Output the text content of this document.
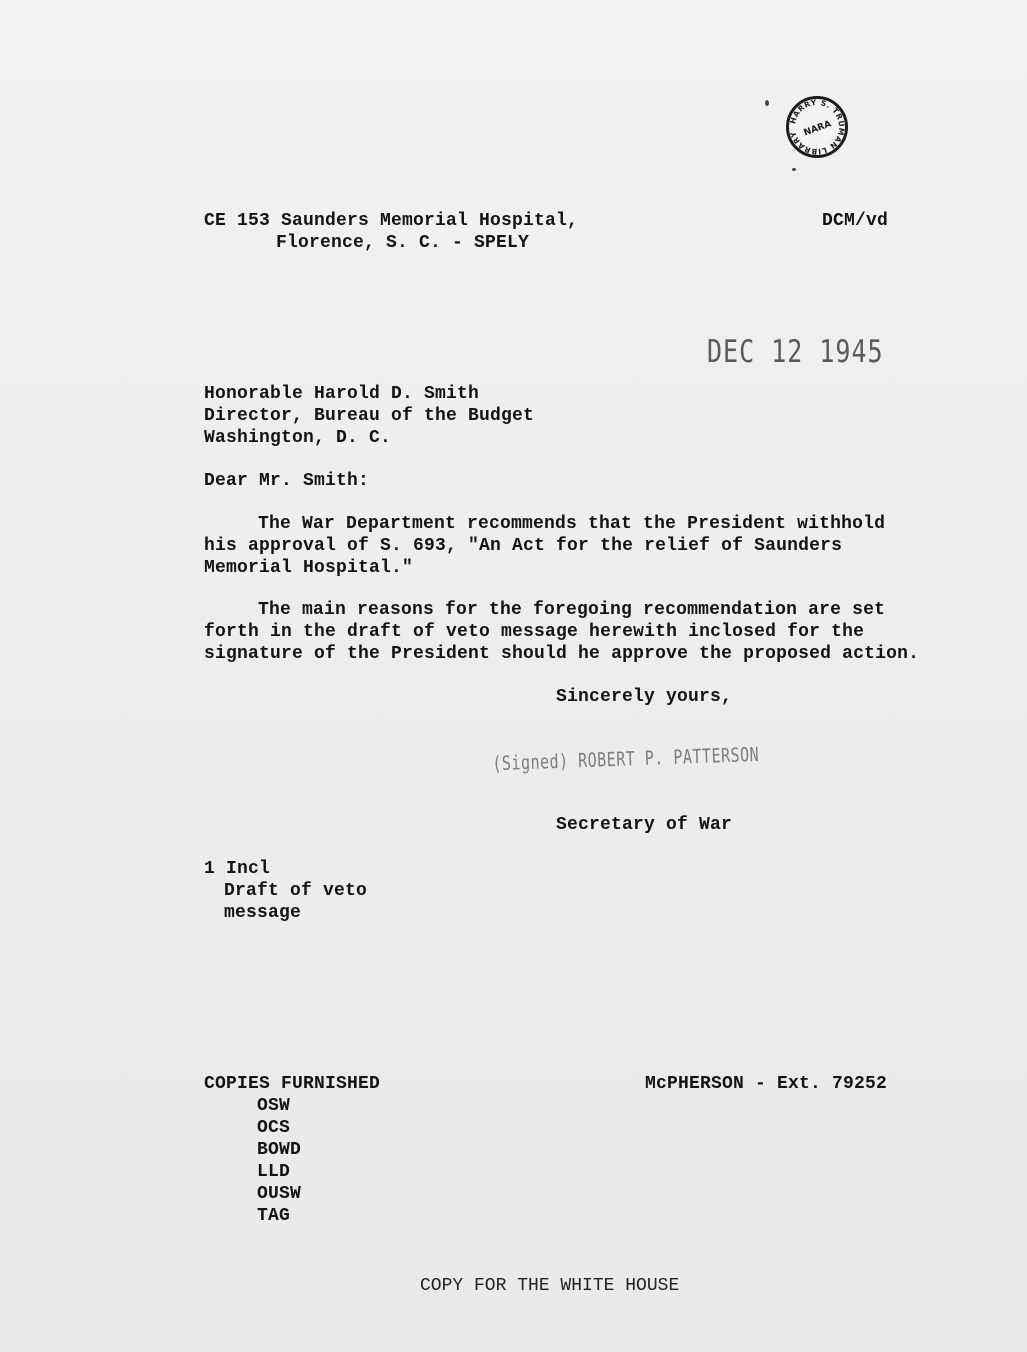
HARRY S. TRUMAN LIBRARY NARA
CE 153 Saunders Memorial Hospital,
Florence, S. C. - SPELY
DCM/vd
DEC 12 1945
Honorable Harold D. Smith
Director, Bureau of the Budget
Washington, D. C.
Dear Mr. Smith:
The War Department recommends that the President withhold
his approval of S. 693, "An Act for the relief of Saunders
Memorial Hospital."
The main reasons for the foregoing recommendation are set
forth in the draft of veto message herewith inclosed for the
signature of the President should he approve the proposed action.
Sincerely yours,
(Signed) ROBERT P. PATTERSON
Secretary of War
1 Incl
Draft of veto
message
COPIES FURNISHED
OSW
OCS
BOWD
LLD
OUSW
TAG
McPHERSON - Ext. 79252
COPY FOR THE WHITE HOUSE
